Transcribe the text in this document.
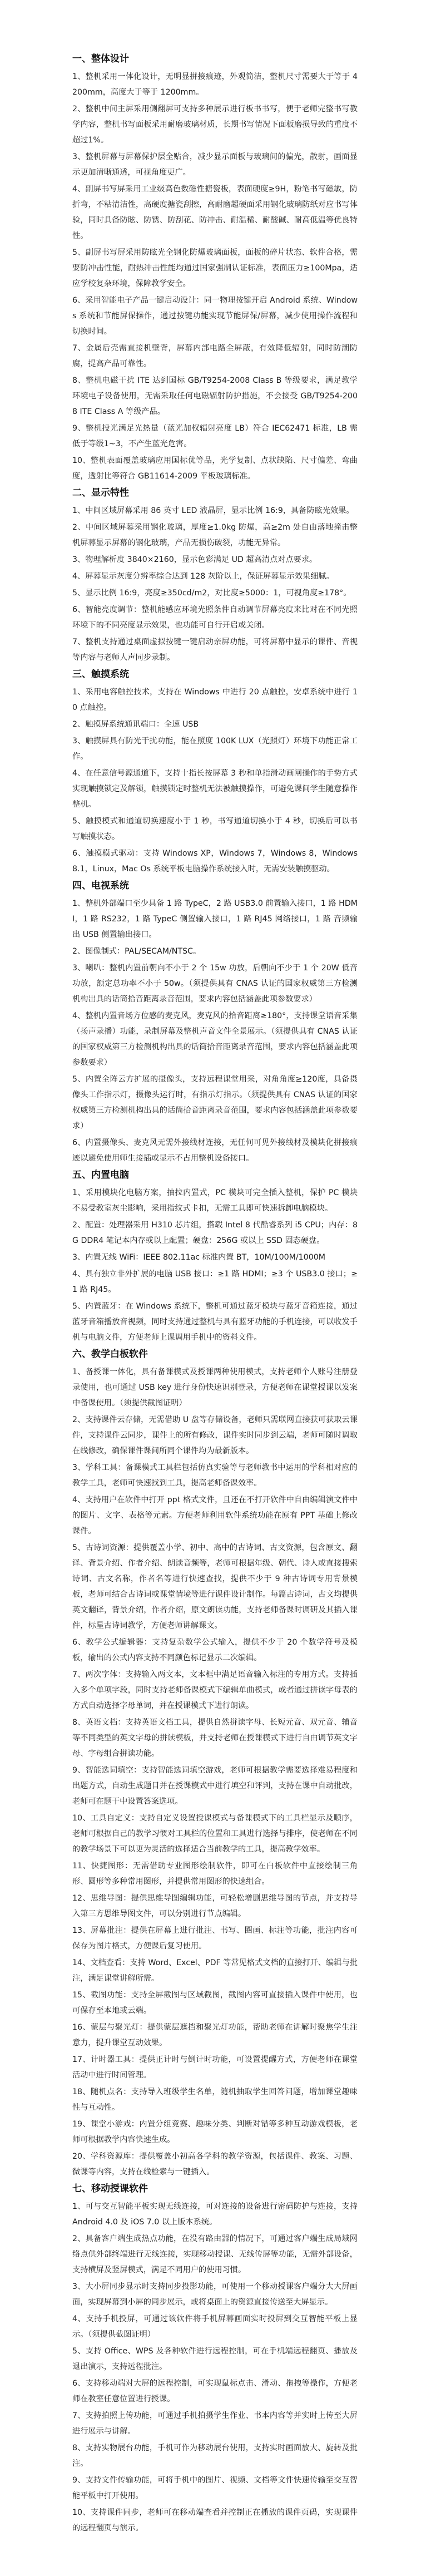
一、整体设计

1、整机采用一体化设计，无明显拼接痕迹，外观简洁，整机尺寸需要大于等于 4200mm，高度大于等于 1200mm。

2、整机中间主屏采用侧翻屏可支持多种展示进行板书书写，便于老师完整书写教学内容，整机书写面板采用耐磨玻璃材质，长期书写情况下面板磨损导致的重度不超过1%。

3、整机屏幕与屏幕保护层全贴合，减少显示面板与玻璃间的偏光，散射，画面显示更加清晰通透，可视角度更广。

4、副屏书写屏采用工业级高色数磁性搪瓷板，表面硬度≥9H，粉笔书写磁敏，防折弯，不粘清洁性，高硬度搪瓷刮擦，高耐磨超硬面采用钢化玻璃防纸对应书写体验，同时具备防眩、防锈、防刮花、防冲击、耐温稀、耐酸碱、耐高低温等优良特性。

5、副屏书写屏采用防眩光全钢化防爆玻璃面板，面板的碎片状态、软件合格，需要防冲击性能，耐热冲击性能均通过国家强制认证标准，表面压力≥100Mpa，适应学校复杂环境，保障教学安全。

6、采用智能电子产品一键启动设计：同一物理按键开启 Android 系统、Windows 系统和节能屏保操作，通过按键功能实现节能屏保/屏幕，减少使用操作流程和切换时间。

7、金属后壳需直接机壁背，屏幕内部电路全屏蔽，有效降低辐射，同时防潮防腐，提高产品可靠性。

8、整机电磁干扰 ITE 达到国标 GB/T9254-2008 Class B 等级要求，满足教学环境电子设备使用，无需采取任何电磁辐射防护措施，不会接受 GB/T9254-2008 ITE Class A 等级产品。

9、整机投光满足光热量（蓝光加权辐射亮度 LB）符合 IEC62471 标准，LB 需低于等级1~3，不产生蓝光危害。

10、整机表面覆盖玻璃应用国标优等品，光学复制、点状缺陷、尺寸偏差、弯曲度，透射比等符合 GB11614-2009 平板玻璃标准。

二、显示特性

1、中间区域屏幕采用 86 英寸 LED 液晶屏，显示比例 16:9，具备防眩光效果。

2、中间区域屏幕采用钢化玻璃，厚度≥1.0kg 防爆，高≥2m 处自由落地撞击整机屏幕显示屏幕的钢化玻璃，产品无损伤破裂，功能无异常。

3、物理解析度 3840×2160，显示色彩满足 UD 超高清点对点要求。

4、屏幕显示灰度分辨率综合达到 128 灰阶以上，保证屏幕显示效果细腻。

5、显示比例 16:9，亮度≥350cd/m2，对比度≥5000：1，可视角度≥178°。

6、智能亮度调节：整机能感应环境光照条件自动调节屏幕亮度来比对在不同光照环境下的不同亮度显示效果，也功能可自行开启或关闭。

7、整机支持通过桌面虚拟按键一键启动亲屏功能，可将屏幕中显示的课件、音视等内容与老师人声同步录制。

三、触摸系统

1、采用电容触控技术，支持在 Windows 中进行 20 点触控，安卓系统中进行 10 点触控。

2、触摸屏系统通讯端口：全速 USB

3、触摸屏具有防光干扰功能，能在照度 100K LUX（光照灯）环境下功能正常工作。

4、在任意信号源通道下，支持十指长按屏幕 3 秒和单指滑动画闸操作的手势方式实现触摸锁定及解锁，触摸锁定时整机无法被触摸操作，可避免课间学生随意操作整机。

5、触摸模式和通道切换速度小于 1 秒，书写通道切换小于 4 秒，切换后可以书写触摸状态。

6、触摸模式驱动：支持 Windows XP，Windows 7，Windows 8，Windows 8.1，Linux，Mac Os 系统平板电脑操作系统接入时，无需安装触摸驱动。

四、电视系统

1、整机外部端口至少具备 1 路 TypeC，2 路 USB3.0 前置输入接口，1 路 HDMI，1 路 RS232，1 路 TypeC 侧置输入接口，1 路 RJ45 网络接口，1 路 音频输出 USB 侧置输出接口。

2、图像制式：PAL/SECAM/NTSC。

3、喇叭：整机内置前朝向不小于 2 个 15w 功放，后朝向不少于 1 个 20W 低音功放，额定总功率不小于 50w。（须提供具有 CNAS 认证的国家权威第三方检测机构出具的话筒拾音距离录音范围，要求内容包括涵盖此项参数要求）

4、整机内置音场方位感的麦克风，麦克风的拾音距离≥180°，支持课堂语音采集（扬声录播）功能，录制屏幕及整机声音文件全景展示。（须提供具有 CNAS 认证的国家权威第三方检测机构出具的话筒拾音距离录音范围，要求内容包括涵盖此项参数要求）

5、内置全阵云方扩展的摄像头，支持远程课堂用采，对角角度≥120度，具备摄像头工作指示灯，摄像头运行时，有指示灯指示。（须提供具有 CNAS 认证的国家权威第三方检测机构出具的话筒拾音距离录音范围，要求内容包括涵盖此项参数要求）

6、内置摄像头、麦克风无需外接线材连接，无任何可见外接线材及模块化拼接痕迹以避免使用师生接插或显示不占用整机设备接口。

五、内置电脑

1、采用模块化电脑方案，抽拉内置式，PC 模块可完全插入整机，保护 PC 模块不易受教室灰尘影响，采用指纹式卡扣，无需工具即可快速拆卸电脑模块。

2、配置：处理器采用 H310 芯片组，搭载 Intel 8 代酷睿系列 i5 CPU；内存：8G DDR4 笔记本内存或以上配置；硬盘：256G 或以上 SSD 固态硬盘。

3、内置无线 WiFi：IEEE 802.11ac 标准内置 BT，10M/100M/1000M

4、具有独立非外扩展的电脑 USB 接口：≥1 路 HDMI；≥3 个 USB3.0 接口；≥1 路 RJ45。

5、内置蓝牙：在 Windows 系统下，整机可通过蓝牙模块与蓝牙音箱连接，通过蓝牙音箱播放音视频，同时支持通过整机与具有蓝牙功能的手机连接，可以收发手机与电脑文件，方便老师上课调用手机中的资料文件。

六、教学白板软件

1、备授课一体化，具有备课模式及授课两种使用模式，支持老师个人账号注册登录使用，也可通过 USB key 进行身份快速识别登录，方便老师在课堂授课以发案中备课使用。（须提供截图证明）

2、支持课件云存储，无需借助 U 盘等存储设备，老师只需联网直接获可获取云课件，支持课件云同步，课件上的所有修改，课件实时同步到云端，老师可随时调取在线修改，确保课件课间所同个课件均为最新版本。

3、学科工具：备课模式工具栏包括仿真实验等与老师教书中运用的学科相对应的教学工具，老师可快速找到工具，提高老师备课效率。

4、支持用户在软件中打开 ppt 格式文件，且还在不打开软件中自由编辑演文件中的图片、文字、表格等元素。方便老师利用软件系统功能在原有 PPT 基础上修改课件。

5、古诗词资源：提供覆盖小学、初中、高中的古诗词、古文资源，包含原文、翻译、背景介绍、作者介绍、朗读音频等，老师可根据年级、朝代、诗人或直接搜索诗词、古文名称，作者名等进行快速查找，提供不少于 9 种古诗词专用背景模板，老师可结合古诗词或课堂情境等进行课件设计制作。每篇古诗词，古文均提供英文翻译，背景介绍，作者介绍，原文朗读功能，支持老师备课时调研及其插入课件，标星古诗词教学，方便老师讲解课文。

6、教学公式编辑器：支持复杂数学公式输入，提供不少于 20 个数学符号及模板，输出的公式内容支持不同颜色标记显示二次编辑。

7、两次字体：支持输入两文本，文本框中满足语音输入标注的专用方式。支持插入多个单项字段，同时支持老师备课模式下编辑单曲模式，或者通过拼读字母表的方式自动选择字母单词，并在授课模式下进行朗读。

8、英语文档：支持英语文档工具，提供自然拼读字母、长短元音、双元音、辅音等不同类型的英文字母的拼读模板，并支持老师在授课模式下进行自由调节英文字母、字母组合拼读功能。

9、智能选词填空：支持智能选词填空游戏，老师可根据教学需要选择难易程度和出题方式，自动生成题目并在授课模式中进行填空和评判，支持在课中自动批改，老师可在题干中设置答案选项。

10、工具自定义：支持自定义设置授课模式与备课模式下的工具栏显示及顺序，老师可根据自己的教学习惯对工具栏的位置和工具进行选择与排序，使老师在不同的教学场景下可以更为灵活的选择适合当前教学的工具，提高教学效率。

11、快捷图形：无需借助专业图形绘制软件，即可在白板软件中直接绘制三角形、圆形等多种常用图形，并提供常用图形的快速组合。

12、思维导图：提供思维导图编辑功能，可轻松增删思维导图的节点，并支持导入第三方思维导图文件，可以分别进行节点编辑。

13、屏幕批注：提供在屏幕上进行批注、书写、圈画、标注等功能，批注内容可保存为图片格式，方便课后复习使用。

14、文档查看：支持 Word、Excel、PDF 等常见格式文档的直接打开、编辑与批注，满足课堂讲解所需。

15、截图功能：支持全屏截图与区域截图，截图内容可直接插入课件中使用，也可保存至本地或云端。

16、蒙层与聚光灯：提供蒙层遮挡和聚光灯功能，帮助老师在讲解时聚焦学生注意力，提升课堂互动效果。

17、计时器工具：提供正计时与倒计时功能，可设置提醒方式，方便老师在课堂活动中进行时间管理。

18、随机点名：支持导入班级学生名单，随机抽取学生回答问题，增加课堂趣味性与互动性。

19、课堂小游戏：内置分组竞赛、趣味分类、判断对错等多种互动游戏模板，老师可根据教学内容快速生成。

20、学科资源库：提供覆盖小初高各学科的教学资源，包括课件、教案、习题、微课等内容，支持在线检索与一键插入。

七、移动授课软件

1、可与交互智能平板实现无线连接，可对连接的设备进行密码防护与连接，支持 Android 4.0 及 iOS 7.0 以上版本系统。

2、具备客户端生成热点功能，在没有路由器的情况下，可通过客户端生成局域网络点供外部终端进行无线连接，实现移动授课、无线传屏等功能，无需外部设备，支持横屏及竖屏模式，满足不同用户的使用习惯。

3、大小屏同步显示时支持同步投影功能，可使用一个移动授课客户端分大大屏画面，实现屏幕到小屏的同步展示，或将桌面上的资源直接传送至大屏显示。

4、支持手机投屏，可通过该软件将手机屏幕画面实时投屏到交互智能平板上显示。（须提供截图证明）

5、支持 Office、WPS 及各种软件进行远程控制，可在手机端远程翻页、播放及退出演示，支持远程批注。

6、支持移动端对大屏的远程控制，可实现鼠标点击、滑动、拖拽等操作，方便老师在教室任意位置进行授课。

7、支持拍照上传功能，可通过手机拍摄学生作业、书本内容等并实时上传至大屏进行展示与讲解。

8、支持实物展台功能，手机可作为移动展台使用，支持实时画面放大、旋转及批注。

9、支持文件传输功能，可将手机中的图片、视频、文档等文件快速传输至交互智能平板中打开使用。

10、支持课件同步，老师可在移动端查看并控制正在播放的课件页码，实现课件的远程翻页与演示。
